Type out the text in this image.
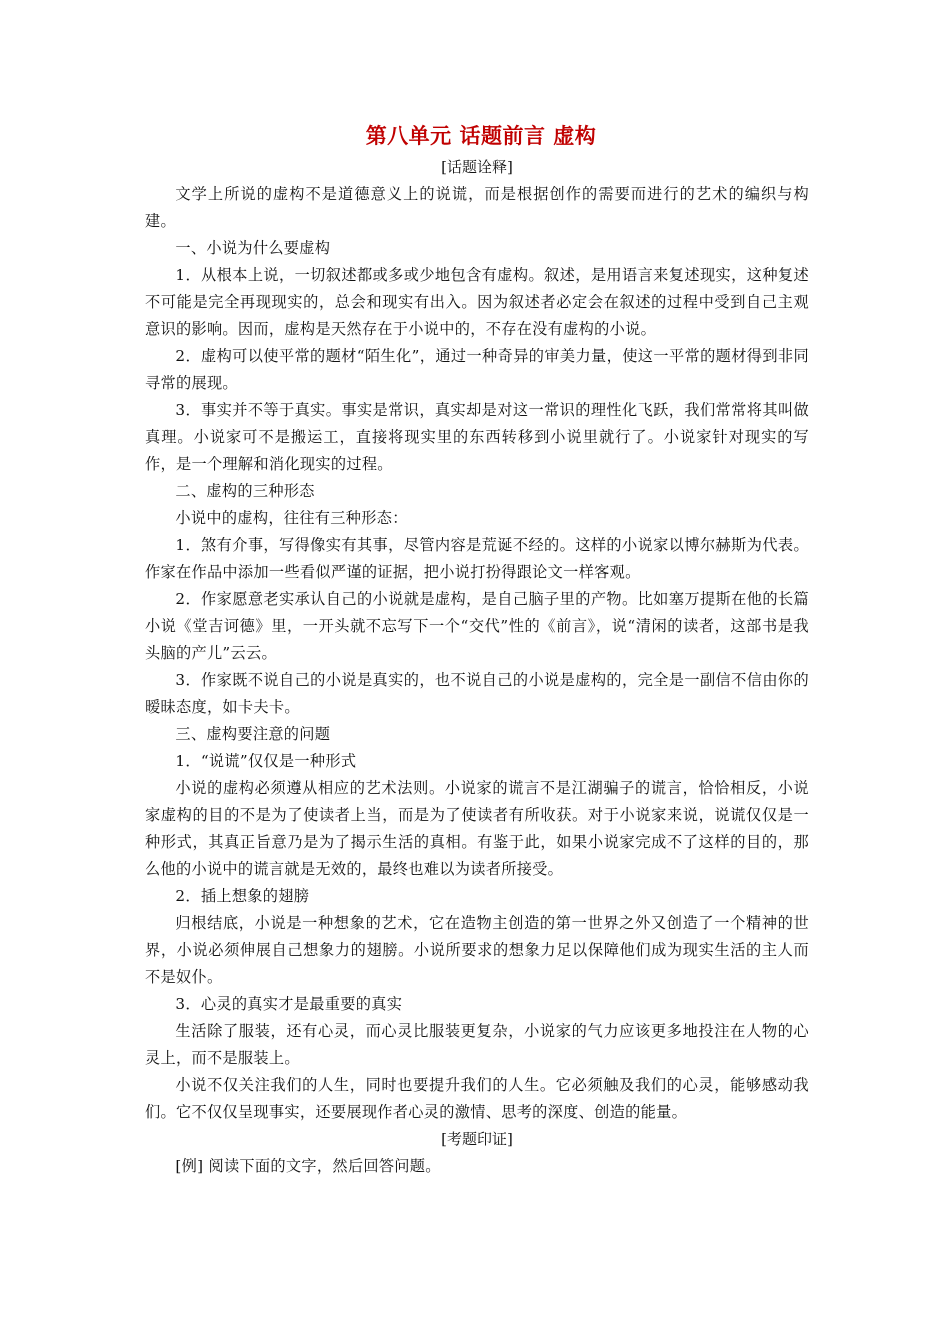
第八单元 话题前言 虚构
[话题诠释]

文学上所说的虚构不是道德意义上的说谎，而是根据创作的需要而进行的艺术的编织与构建。

一、小说为什么要虚构

1．从根本上说，一切叙述都或多或少地包含有虚构。叙述，是用语言来复述现实，这种复述不可能是完全再现现实的，总会和现实有出入。因为叙述者必定会在叙述的过程中受到自己主观意识的影响。因而，虚构是天然存在于小说中的，不存在没有虚构的小说。

2．虚构可以使平常的题材“陌生化”，通过一种奇异的审美力量，使这一平常的题材得到非同寻常的展现。

3．事实并不等于真实。事实是常识，真实却是对这一常识的理性化飞跃，我们常常将其叫做真理。小说家可不是搬运工，直接将现实里的东西转移到小说里就行了。小说家针对现实的写作，是一个理解和消化现实的过程。

二、虚构的三种形态

小说中的虚构，往往有三种形态：

1．煞有介事，写得像实有其事，尽管内容是荒诞不经的。这样的小说家以博尔赫斯为代表。作家在作品中添加一些看似严谨的证据，把小说打扮得跟论文一样客观。

2．作家愿意老实承认自己的小说就是虚构，是自己脑子里的产物。比如塞万提斯在他的长篇小说《堂吉诃德》里，一开头就不忘写下一个“交代”性的《前言》，说“清闲的读者，这部书是我头脑的产儿”云云。

3．作家既不说自己的小说是真实的，也不说自己的小说是虚构的，完全是一副信不信由你的暧昧态度，如卡夫卡。

三、虚构要注意的问题

1．“说谎”仅仅是一种形式

小说的虚构必须遵从相应的艺术法则。小说家的谎言不是江湖骗子的谎言，恰恰相反，小说家虚构的目的不是为了使读者上当，而是为了使读者有所收获。对于小说家来说，说谎仅仅是一种形式，其真正旨意乃是为了揭示生活的真相。有鉴于此，如果小说家完成不了这样的目的，那么他的小说中的谎言就是无效的，最终也难以为读者所接受。

2．插上想象的翅膀

归根结底，小说是一种想象的艺术，它在造物主创造的第一世界之外又创造了一个精神的世界，小说必须伸展自己想象力的翅膀。小说所要求的想象力足以保障他们成为现实生活的主人而不是奴仆。

3．心灵的真实才是最重要的真实

生活除了服装，还有心灵，而心灵比服装更复杂，小说家的气力应该更多地投注在人物的心灵上，而不是服装上。

小说不仅关注我们的人生，同时也要提升我们的人生。它必须触及我们的心灵，能够感动我们。它不仅仅呈现事实，还要展现作者心灵的激情、思考的深度、创造的能量。

[考题印证]

[例] 阅读下面的文字，然后回答问题。
